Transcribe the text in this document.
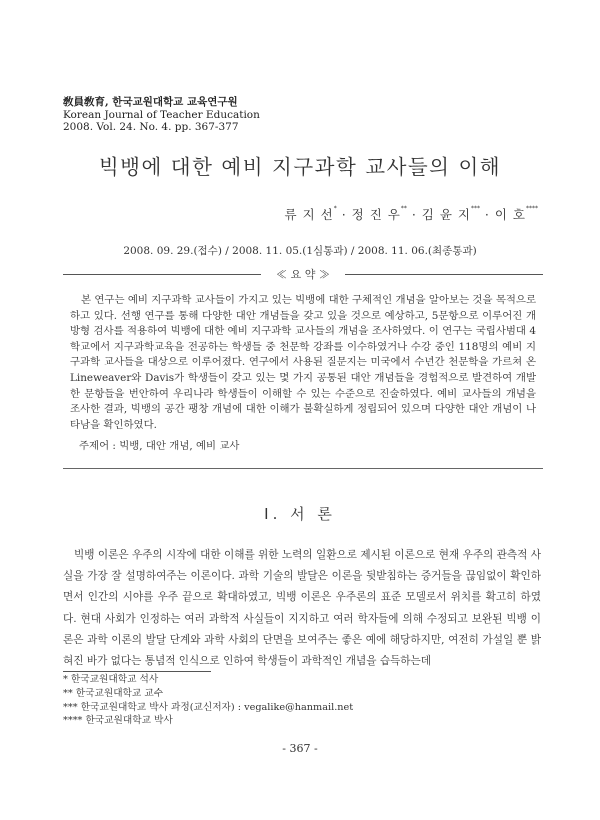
敎員敎育, 한국교원대학교 교육연구원
Korean Journal of Teacher Education
2008. Vol. 24. No. 4. pp. 367-377
빅뱅에 대한 예비 지구과학 교사들의 이해
류 지 선* · 정 진 우** · 김 윤 지*** · 이 호****
2008. 09. 29.(접수) / 2008. 11. 05.(1심통과) / 2008. 11. 06.(최종통과)
≪ 요 약 ≫
본 연구는 예비 지구과학 교사들이 가지고 있는 빅뱅에 대한 구체적인 개념을 알아보는 것을 목적으로 하고 있다. 선행 연구를 통해 다양한 대안 개념들을 갖고 있을 것으로 예상하고, 5문항으로 이루어진 개방형 검사를 적용하여 빅뱅에 대한 예비 지구과학 교사들의 개념을 조사하였다. 이 연구는 국립사범대 4학교에서 지구과학교육을 전공하는 학생들 중 천문학 강좌를 이수하였거나 수강 중인 118명의 예비 지구과학 교사들을 대상으로 이루어졌다. 연구에서 사용된 질문지는 미국에서 수년간 천문학을 가르쳐 온 Lineweaver와 Davis가 학생들이 갖고 있는 몇 가지 공통된 대안 개념들을 경험적으로 발견하여 개발한 문항들을 번안하여 우리나라 학생들이 이해할 수 있는 수준으로 진술하였다. 예비 교사들의 개념을 조사한 결과, 빅뱅의 공간 팽창 개념에 대한 이해가 불확실하게 정립되어 있으며 다양한 대안 개념이 나타남을 확인하였다.
주제어 : 빅뱅, 대안 개념, 예비 교사
Ⅰ. 서 론
빅뱅 이론은 우주의 시작에 대한 이해를 위한 노력의 일환으로 제시된 이론으로 현재 우주의 관측적 사실을 가장 잘 설명하여주는 이론이다. 과학 기술의 발달은 이론을 뒷받침하는 증거들을 끊임없이 확인하면서 인간의 시야를 우주 끝으로 확대하였고, 빅뱅 이론은 우주론의 표준 모델로서 위치를 확고히 하였다. 현대 사회가 인정하는 여러 과학적 사실들이 지지하고 여러 학자들에 의해 수정되고 보완된 빅뱅 이론은 과학 이론의 발달 단계와 과학 사회의 단면을 보여주는 좋은 예에 해당하지만, 여전히 가설일 뿐 밝혀진 바가 없다는 통념적 인식으로 인하여 학생들이 과학적인 개념을 습득하는데
* 한국교원대학교 석사
** 한국교원대학교 교수
*** 한국교원대학교 박사 과정(교신저자) : vegalike@hanmail.net
**** 한국교원대학교 박사
- 367 -
